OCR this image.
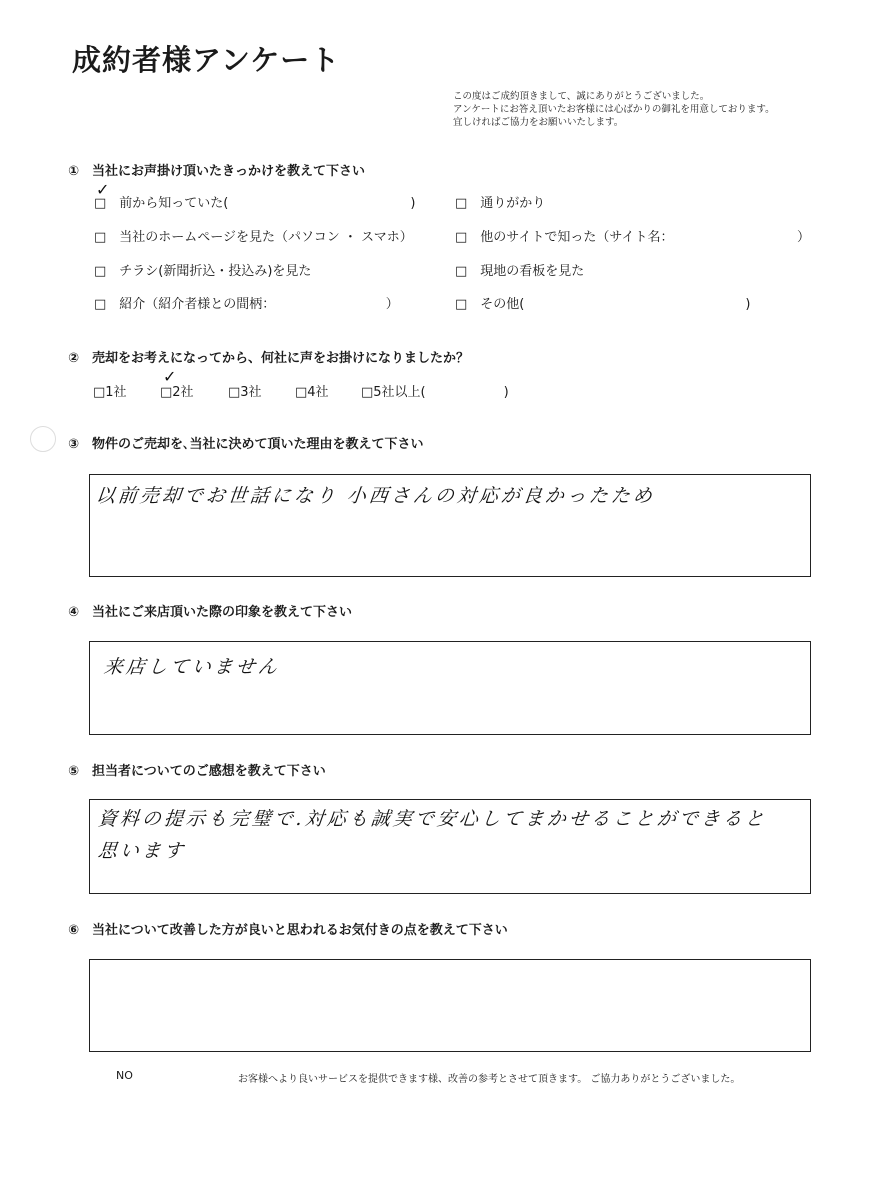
成約者様アンケート
この度はご成約頂きまして、誠にありがとうございました。
アンケートにお答え頂いたお客様には心ばかりの御礼を用意しております。
宜しければご協力をお願いいたします。
①　当社にお声掛け頂いたきっかけを教えて下さい
□　前から知っていた(　　　　　　　　　　　　　　)	□　通りがかり
□　当社のホームページを見た（パソコン ・ スマホ）	□　他のサイトで知った（サイト名：　　　　　　　　　　）
□　チラシ(新聞折込・投込み)を見た	□　現地の看板を見た
□　紹介（紹介者様との間柄：　　　　　　　　　）	□　その他(　　　　　　　　　　　　　　　　　)
✓
②　売却をお考えになってから、何社に声をお掛けになりましたか？
□1社	□2社	□3社	□4社 □5社以上(　　　　　　)
✓
③　物件のご売却を､当社に決めて頂いた理由を教えて下さい
以前売却でお世話になり 小西さんの対応が良かったため
④　当社にご来店頂いた際の印象を教えて下さい
来店していません
⑤　担当者についてのご感想を教えて下さい
資料の提示も完璧で.対応も誠実で安心してまかせることができると
思います
⑥　当社について改善した方が良いと思われるお気付きの点を教えて下さい
NO	お客様へより良いサービスを提供できます様、改善の参考とさせて頂きます。 ご協力ありがとうございました。
